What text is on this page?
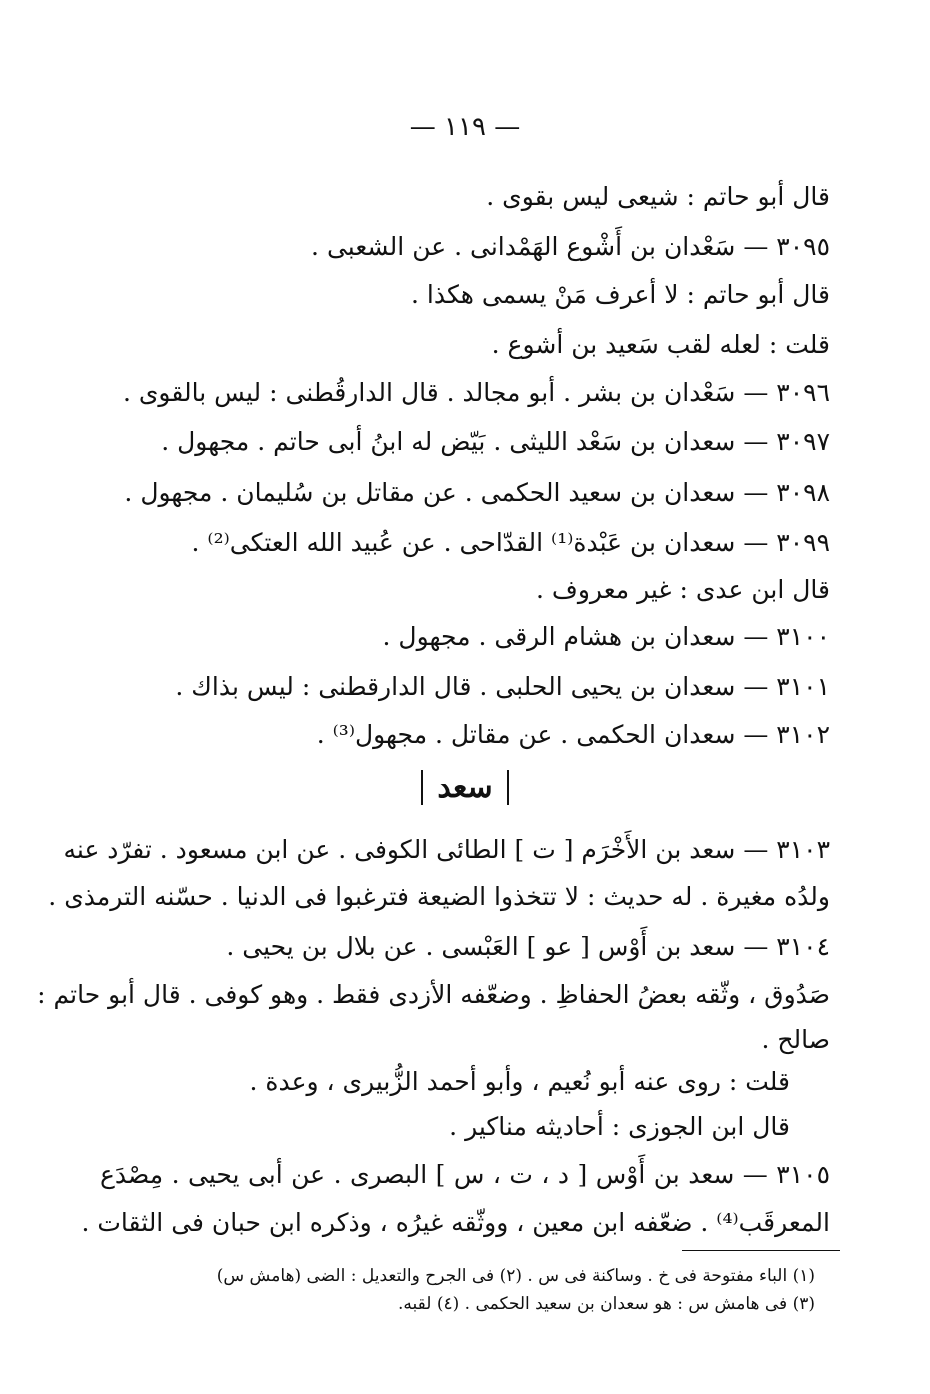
— ١١٩ —
قال أبو حاتم : شيعى ليس بقوى .
٣٠٩٥ — سَعْدان بن أَشْوع الهَمْدانى . عن الشعبى .
قال أبو حاتم : لا أعرف مَنْ يسمى هكذا .
قلت : لعله لقب سَعيد بن أشوع .
٣٠٩٦ — سَعْدان بن بشر . أبو مجالد . قال الدارقُطنى : ليس بالقوى .
٣٠٩٧ — سعدان بن سَعْد الليثى . بَيّض له ابنُ أبى حاتم . مجهول .
٣٠٩٨ — سعدان بن سعيد الحكمى . عن مقاتل بن سُليمان . مجهول .
٣٠٩٩ — سعدان بن عَبْدة⁽¹⁾ القدّاحى . عن عُبيد الله العتكى⁽²⁾ .
قال ابن عدى : غير معروف .
٣١٠٠ — سعدان بن هشام الرقى . مجهول .
٣١٠١ — سعدان بن يحيى الحلبى . قال الدارقطنى : ليس بذاك .
٣١٠٢ — سعدان الحكمى . عن مقاتل . مجهول⁽³⁾ .
سعد
٣١٠٣ — سعد بن الأَخْرَم [ ت ] الطائى الكوفى . عن ابن مسعود . تفرّد عنه
ولدُه مغيرة . له حديث : لا تتخذوا الضيعة فترغبوا فى الدنيا . حسّنه الترمذى .
٣١٠٤ — سعد بن أَوْس [ عو ] العَبْسى . عن بلال بن يحيى .
صَدُوق ، وثّقه بعضُ الحفاظِ . وضعّفه الأزدى فقط . وهو كوفى . قال أبو حاتم :
صالح .
قلت : روى عنه أبو نُعيم ، وأبو أحمد الزُّبيرى ، وعدة .
قال ابن الجوزى : أحاديثه مناكير .
٣١٠٥ — سعد بن أَوْس [ د ، ت ، س ] البصرى . عن أبى يحيى . مِصْدَع
المعرقَب⁽⁴⁾ . ضعّفه ابن معين ، ووثّقه غيرُه ، وذكره ابن حبان فى الثقات .
(١) الباء مفتوحة فى خ . وساكنة فى س . (٢) فى الجرح والتعديل : الضى (هامش س)
(٣) فى هامش س : هو سعدان بن سعيد الحكمى . (٤) لقبه.
